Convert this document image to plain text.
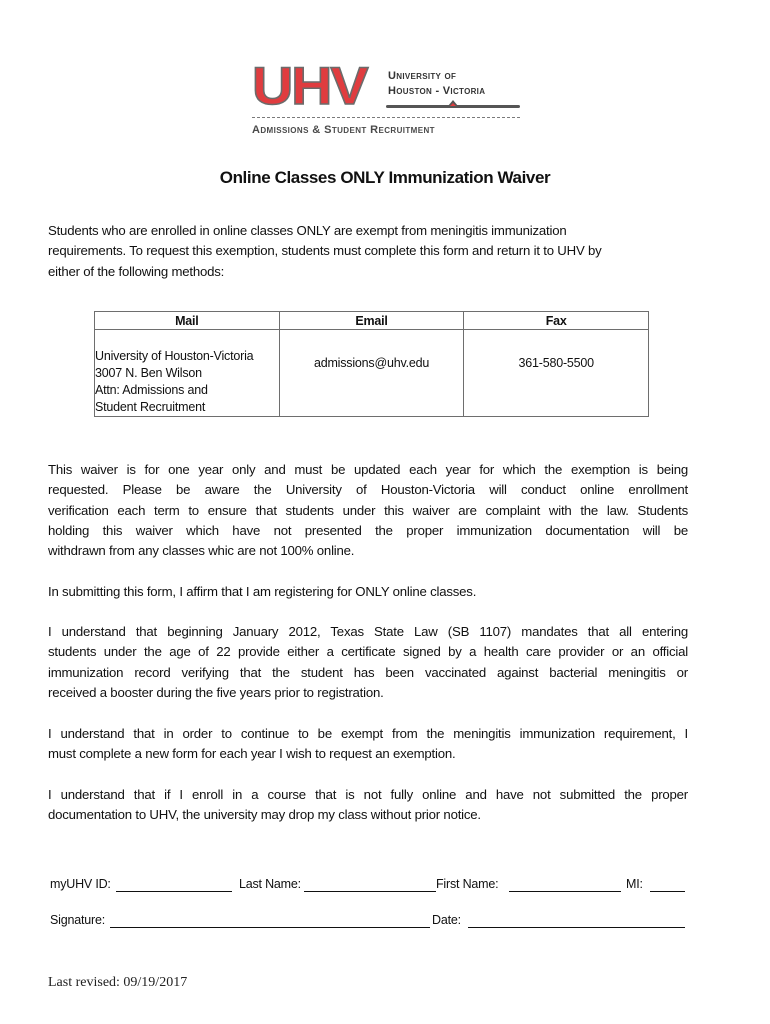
UHV University of
Houston - Victoria
Admissions & Student Recruitment
Online Classes ONLY Immunization Waiver
Students who are enrolled in online classes ONLY are exempt from meningitis immunization
requirements. To request this exemption, students must complete this form and return it to UHV by
either of the following methods:
Mail	Email	Fax

University of Houston-Victoria
3007 N. Ben Wilson
Attn: Admissions and
Student Recruitment	admissions@uhv.edu	361-580-5500
This waiver is for one year only and must be updated each year for which the exemption is being
requested. Please be aware the University of Houston-Victoria will conduct online enrollment
verification each term to ensure that students under this waiver are complaint with the law. Students
holding this waiver which have not presented the proper immunization documentation will be
withdrawn from any classes whic are not 100% online.
In submitting this form, I affirm that I am registering for ONLY online classes.
I understand that beginning January 2012, Texas State Law (SB 1107) mandates that all entering
students under the age of 22 provide either a certificate signed by a health care provider or an official
immunization record verifying that the student has been vaccinated against bacterial meningitis or
received a booster during the five years prior to registration.
I understand that in order to continue to be exempt from the meningitis immunization requirement, I
must complete a new form for each year I wish to request an exemption.
I understand that if I enroll in a course that is not fully online and have not submitted the proper
documentation to UHV, the university may drop my class without prior notice.
myUHV ID:	Last Name:	First Name:	MI:
Signature:	Date:
Last revised: 09/19/2017
